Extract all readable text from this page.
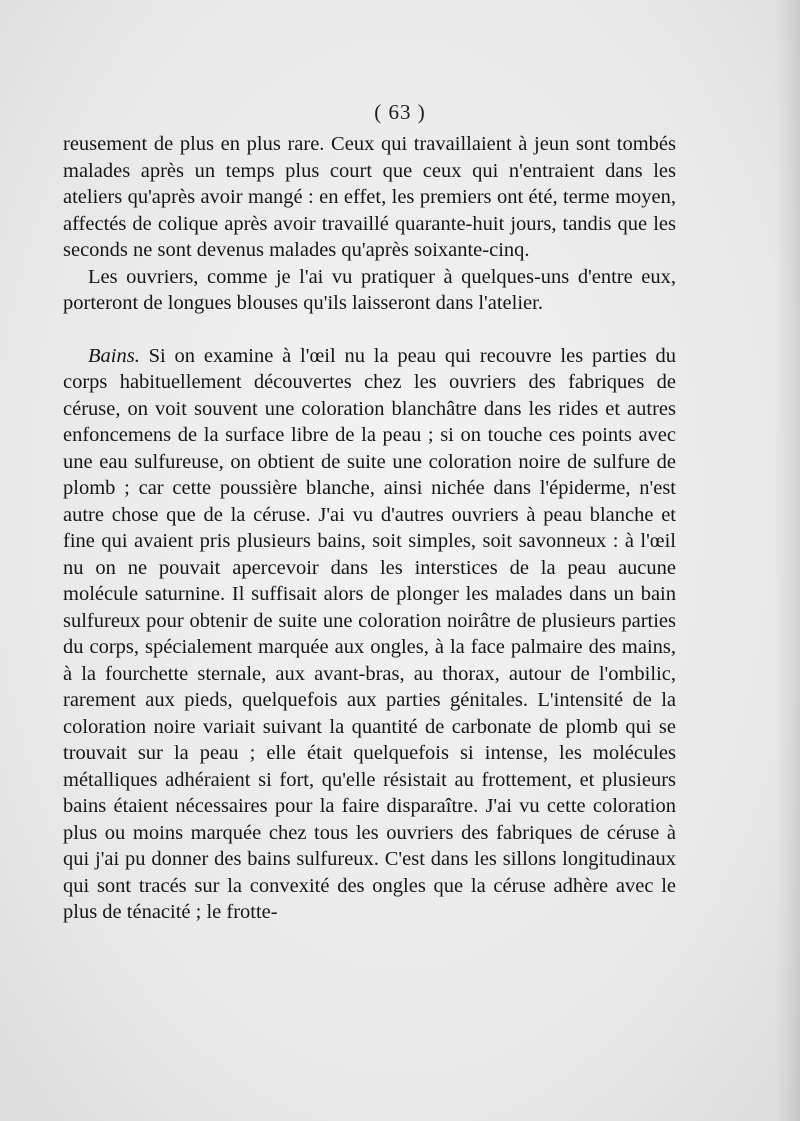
( 63 )

reusement de plus en plus rare. Ceux qui travaillaient à jeun sont tombés malades après un temps plus court que ceux qui n'entraient dans les ateliers qu'après avoir mangé : en effet, les premiers ont été, terme moyen, affectés de colique après avoir travaillé quarante-huit jours, tandis que les seconds ne sont devenus malades qu'après soixante-cinq.

Les ouvriers, comme je l'ai vu pratiquer à quelques-uns d'entre eux, porteront de longues blouses qu'ils laisseront dans l'atelier.

Bains. Si on examine à l'œil nu la peau qui recouvre les parties du corps habituellement découvertes chez les ouvriers des fabriques de céruse, on voit souvent une coloration blanchâtre dans les rides et autres enfoncemens de la surface libre de la peau ; si on touche ces points avec une eau sulfureuse, on obtient de suite une coloration noire de sulfure de plomb ; car cette poussière blanche, ainsi nichée dans l'épiderme, n'est autre chose que de la céruse. J'ai vu d'autres ouvriers à peau blanche et fine qui avaient pris plusieurs bains, soit simples, soit savonneux : à l'œil nu on ne pouvait apercevoir dans les interstices de la peau aucune molécule saturnine. Il suffisait alors de plonger les malades dans un bain sulfureux pour obtenir de suite une coloration noirâtre de plusieurs parties du corps, spécialement marquée aux ongles, à la face palmaire des mains, à la fourchette sternale, aux avant-bras, au thorax, autour de l'ombilic, rarement aux pieds, quelquefois aux parties génitales. L'intensité de la coloration noire variait suivant la quantité de carbonate de plomb qui se trouvait sur la peau ; elle était quelquefois si intense, les molécules métalliques adhéraient si fort, qu'elle résistait au frottement, et plusieurs bains étaient nécessaires pour la faire disparaître. J'ai vu cette coloration plus ou moins marquée chez tous les ouvriers des fabriques de céruse à qui j'ai pu donner des bains sulfureux. C'est dans les sillons longitudinaux qui sont tracés sur la convexité des ongles que la céruse adhère avec le plus de ténacité ; le frotte-
